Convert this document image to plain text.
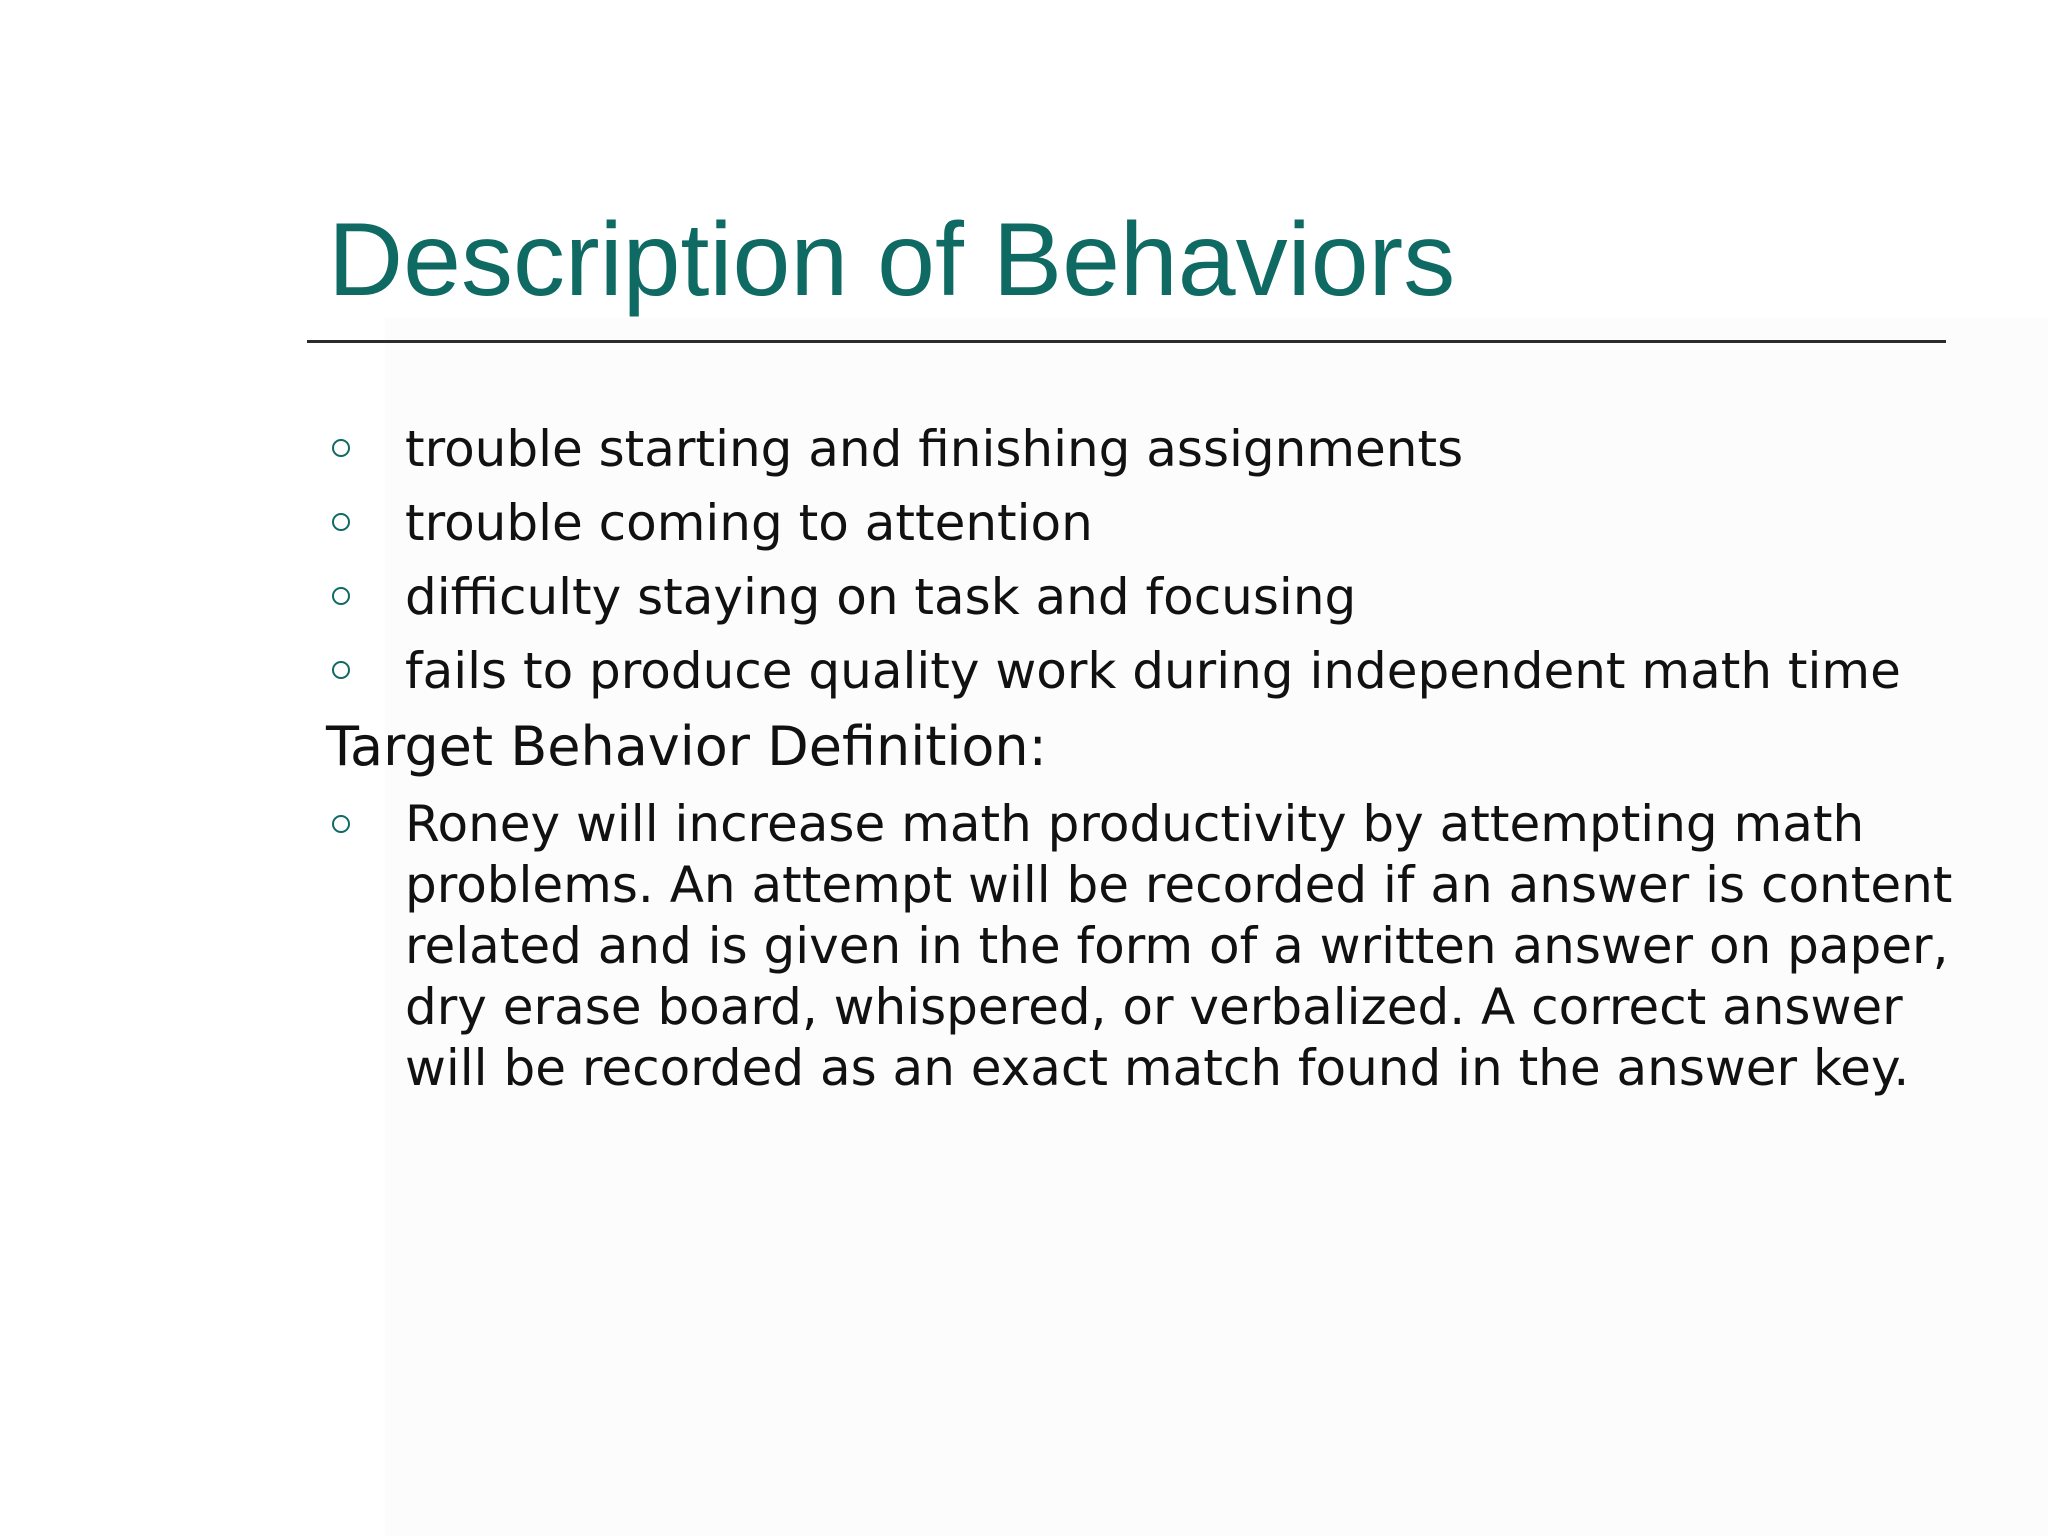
Description of Behaviors
trouble starting and finishing assignments
trouble coming to attention
difficulty staying on task and focusing
fails to produce quality work during independent math time
Target Behavior Definition:
Roney will increase math productivity by attempting math problems. An attempt will be recorded if an answer is content related and is given in the form of a written answer on paper, dry erase board, whispered, or verbalized. A correct answer will be recorded as an exact match found in the answer key.
